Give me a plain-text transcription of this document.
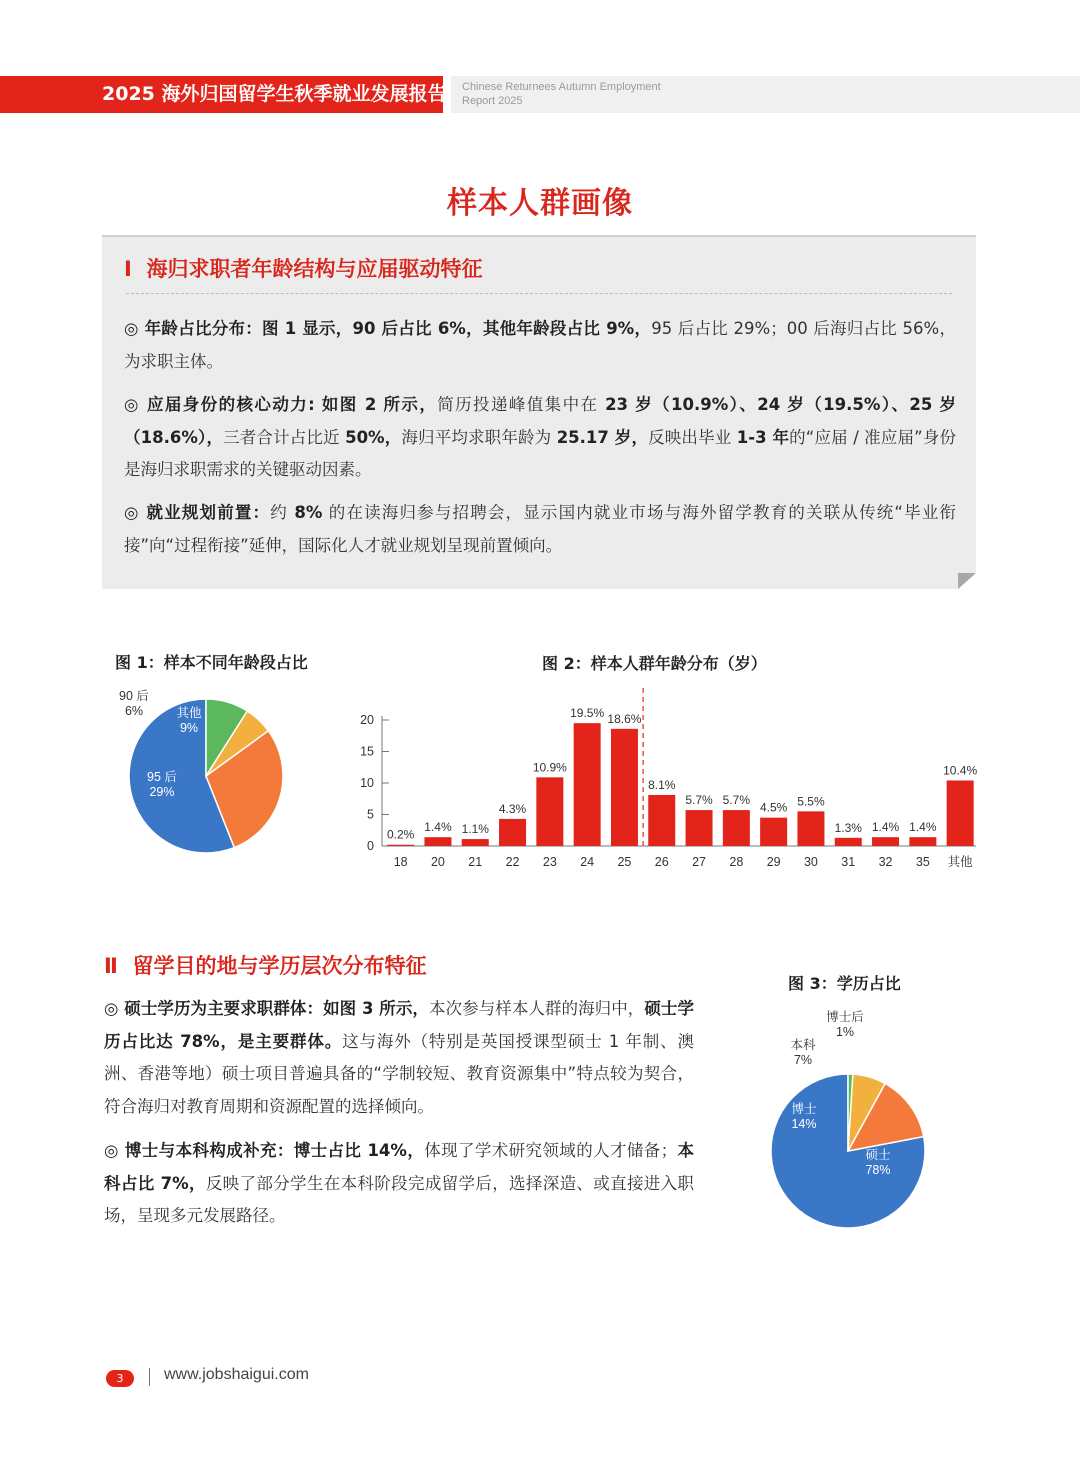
2025 海外归国留学生秋季就业发展报告 Chinese Returnees Autumn Employment
Report 2025
样本人群画像
Ⅰ 海归求职者年龄结构与应届驱动特征
◎ 年龄占比分布：图 1 显示，90 后占比 6%，其他年龄段占比 9%，95 后占比 29%；00 后海归占比 56%，为求职主体。
◎ 应届身份的核心动力: 如图 2 所示，简历投递峰值集中在 23 岁（10.9%）、24 岁（19.5%）、25 岁（18.6%），三者合计占比近 50%，海归平均求职年龄为 25.17 岁，反映出毕业 1-3 年的“应届 / 准应届”身份是海归求职需求的关键驱动因素。
◎ 就业规划前置：约 8% 的在读海归参与招聘会，显示国内就业市场与海外留学教育的关联从传统“毕业衔接”向“过程衔接”延伸，国际化人才就业规划呈现前置倾向。
图 1：样本不同年龄段占比
95 后
29%
90 后
6%	其他
9%
图 2：样本人群年龄分布（岁）
0
5
10
15
20
0.2%
18
1.4%
20
1.1%
21
4.3%
22
10.9%
23
19.5%
24
18.6%
25
8.1%
26
5.7%
27
5.7%
28
4.5%
29
5.5%
30
1.3%
31
1.4%
32
1.4%
35
10.4%
其他
Ⅱ 留学目的地与学历层次分布特征
◎ 硕士学历为主要求职群体：如图 3 所示，本次参与样本人群的海归中，硕士学历占比达 78%，是主要群体。这与海外（特别是英国授课型硕士 1 年制、澳洲、香港等地）硕士项目普遍具备的“学制较短、教育资源集中”特点较为契合，符合海归对教育周期和资源配置的选择倾向。
◎ 博士与本科构成补充：博士占比 14%，体现了学术研究领域的人才储备；本科占比 7%，反映了部分学生在本科阶段完成留学后，选择深造、或直接进入职场，呈现多元发展路径。
图 3：学历占比
硕士
78%
博士
14%
本科
7%
博士后
1%
3	www.jobshaigui.com
